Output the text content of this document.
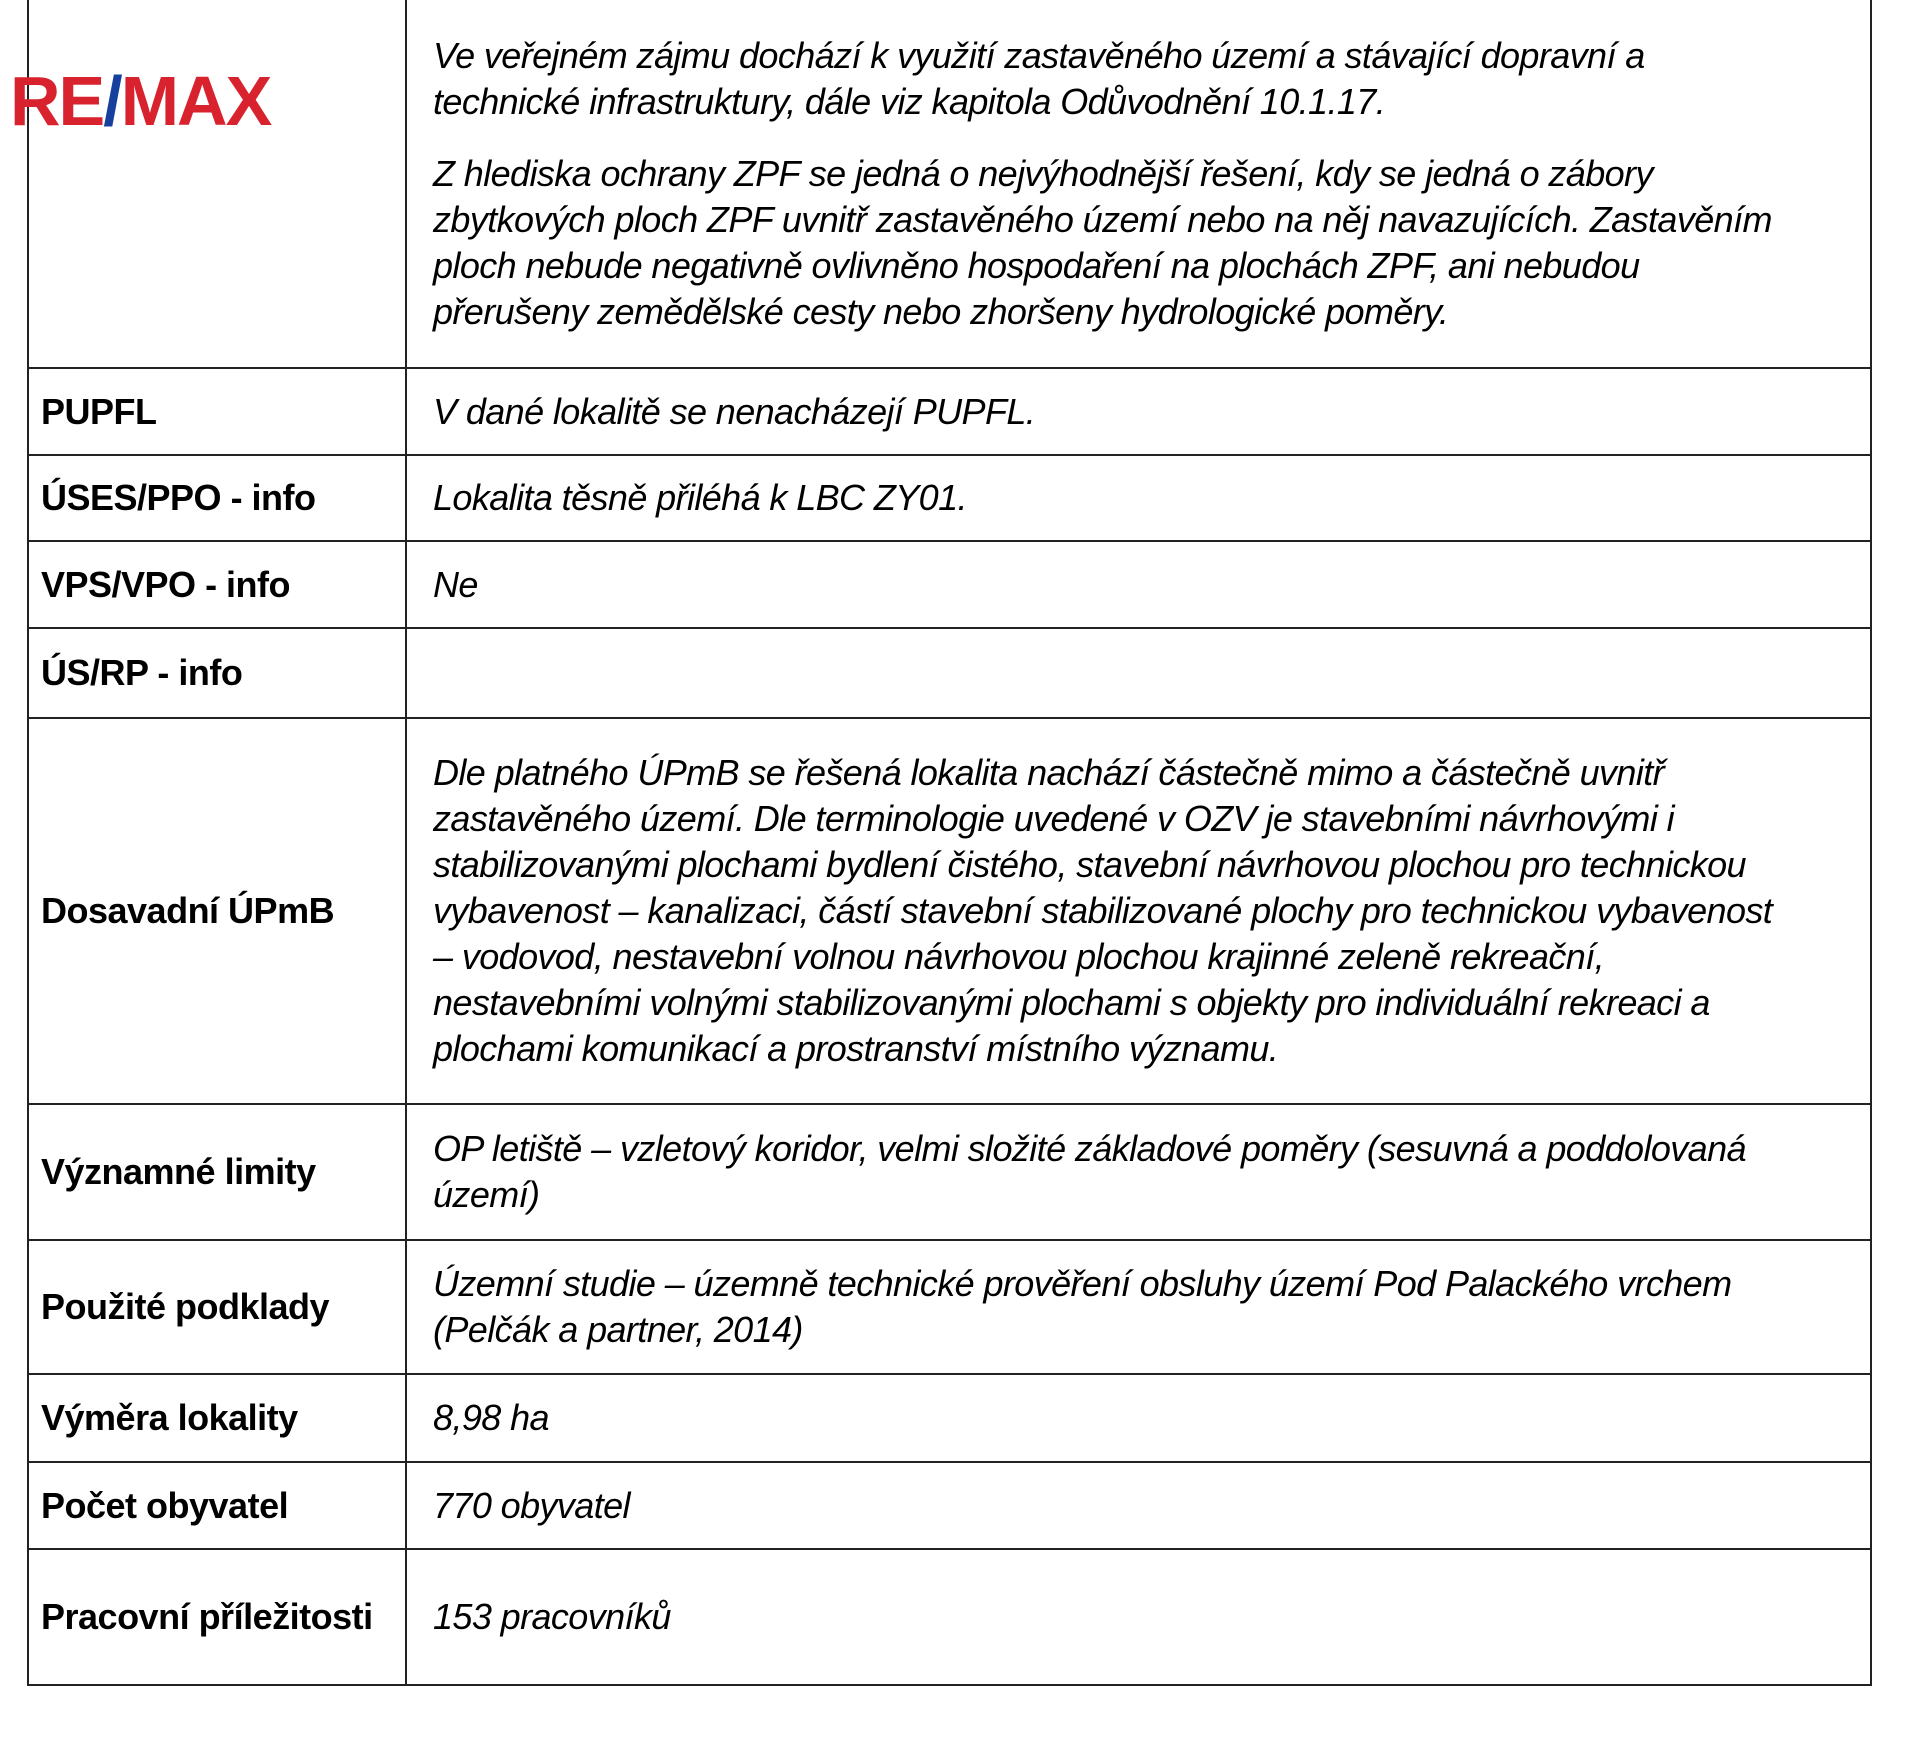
	Ve veřejném zájmu dochází k využití zastavěného území a stávající dopravní a technické infrastruktury, dále viz kapitola Odůvodnění 10.1.17.

Z hlediska ochrany ZPF se jedná o nejvýhodnější řešení, kdy se jedná o zábory zbytkových ploch ZPF uvnitř zastavěného území nebo na něj navazujících. Zastavěním ploch nebude negativně ovlivněno hospodaření na plochách ZPF, ani nebudou přerušeny zemědělské cesty nebo zhoršeny hydrologické poměry.

PUPFL	V dané lokalitě se nenacházejí PUPFL.

ÚSES/PPO - info	Lokalita těsně přiléhá k LBC ZY01.

VPS/VPO - info	Ne

ÚS/RP - info	
Dosavadní ÚPmB	Dle platného ÚPmB se řešená lokalita nachází částečně mimo a částečně uvnitř zastavěného území. Dle terminologie uvedené v OZV je stavebními návrhovými i stabilizovanými plochami bydlení čistého, stavební návrhovou plochou pro technickou vybavenost – kanalizaci, částí stavební stabilizované plochy pro technickou vybavenost – vodovod, nestavební volnou návrhovou plochou krajinné zeleně rekreační, nestavebními volnými stabilizovanými plochami s objekty pro individuální rekreaci a plochami komunikací a prostranství místního významu.

Významné limity	OP letiště – vzletový koridor, velmi složité základové poměry (sesuvná a poddolovaná území)

Použité podklady	Územní studie – územně technické prověření obsluhy území Pod Palackého vrchem (Pelčák a partner, 2014)

Výměra lokality	8,98 ha

Počet obyvatel	770 obyvatel

Pracovní příležitosti	153 pracovníků

RE/MAX
